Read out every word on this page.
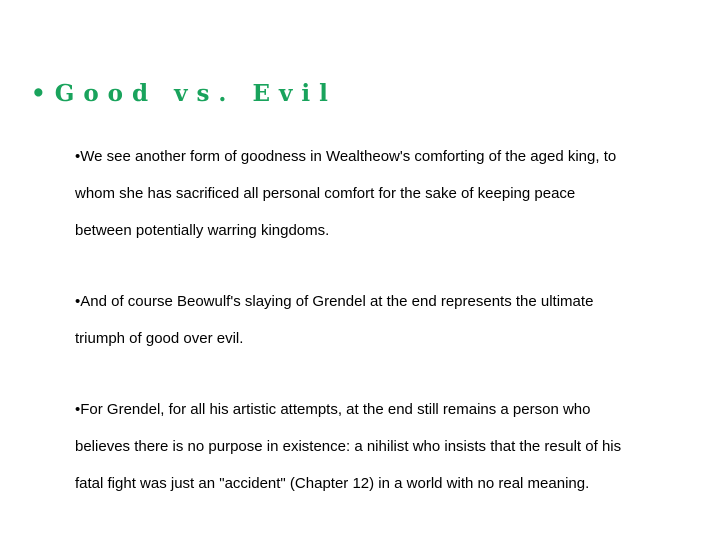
•Good vs. Evil
•We see another form of goodness in Wealtheow's comforting of the aged king, to
whom she has sacrificed all personal comfort for the sake of keeping peace
between potentially warring kingdoms.
•And of course Beowulf's slaying of Grendel at the end represents the ultimate
triumph of good over evil.
•For Grendel, for all his artistic attempts, at the end still remains a person who
believes there is no purpose in existence: a nihilist who insists that the result of his
fatal fight was just an "accident" (Chapter 12) in a world with no real meaning.
